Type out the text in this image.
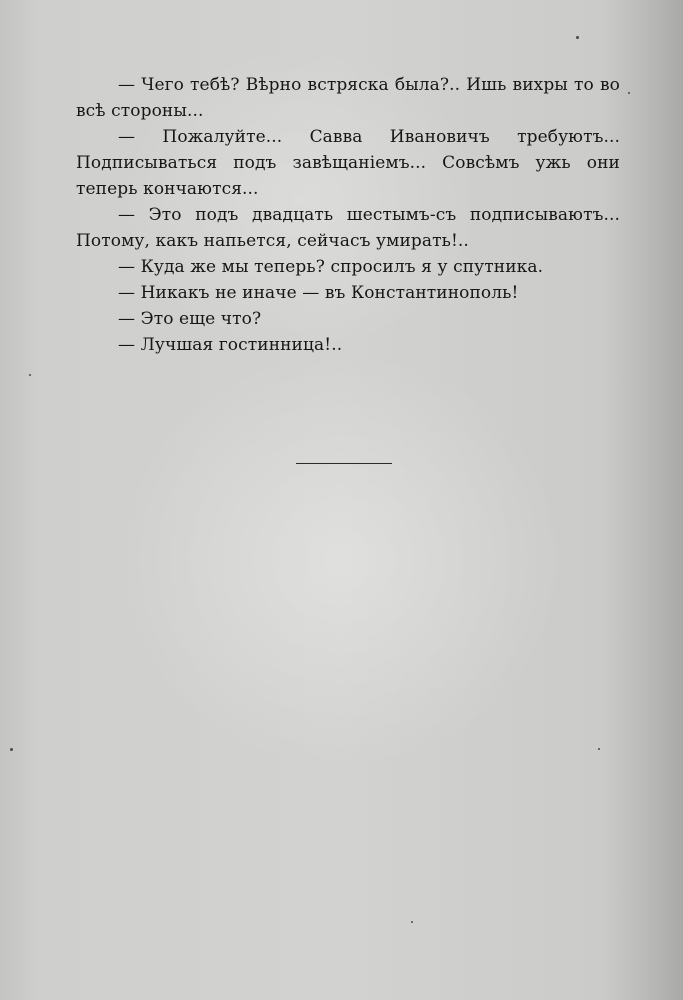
— Чего тебѣ? Вѣрно встряска была?.. Ишь вихры то во всѣ стороны...

— Пожалуйте... Савва Ивановичъ требуютъ... Подписываться подъ завѣщаніемъ... Совсѣмъ ужь они теперь кончаются...

— Это подъ двадцать шестымъ-съ подписываютъ... Потому, какъ напьется, сейчасъ умирать!..

— Куда же мы теперь? спросилъ я у спутника.

— Никакъ не иначе — въ Константинополь!

— Это еще что?

— Лучшая гостинница!..
